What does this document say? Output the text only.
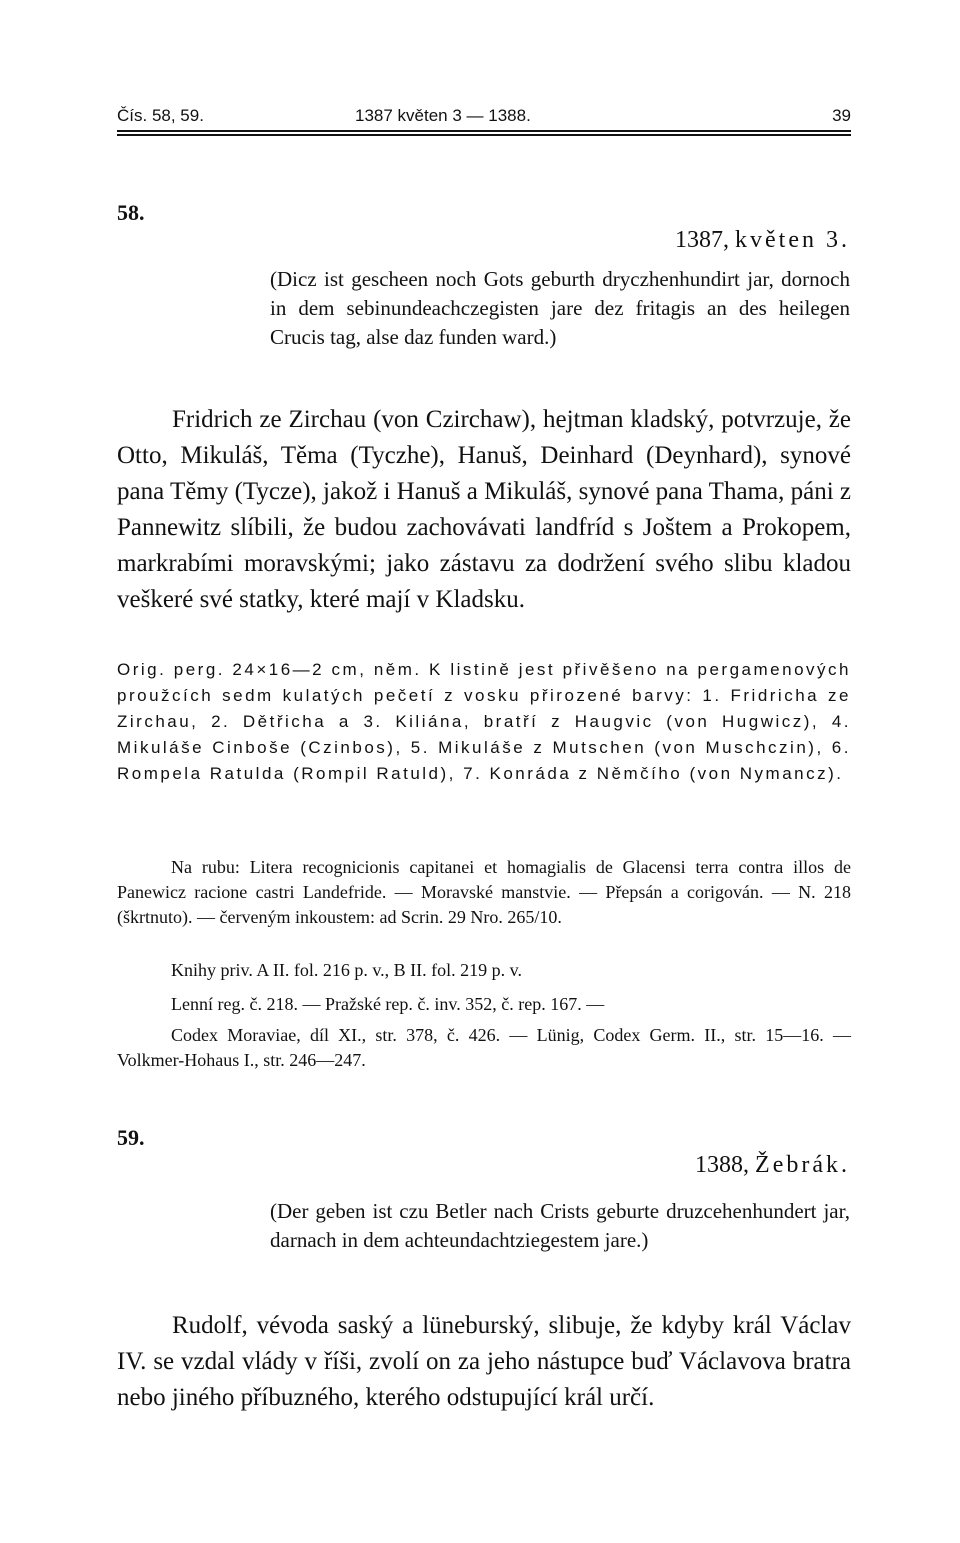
Čís. 58, 59.	1387 květen 3 — 1388.	39
58.
1387, květen 3.

(Dicz ist gescheen noch Gots geburth dryczhenhundirt jar, dornoch in dem sebinundeachczegisten jare dez fritagis an des heilegen Crucis tag, alse daz funden ward.)

Fridrich ze Zirchau (von Czirchaw), hejtman kladský, potvrzuje, že Otto, Mikuláš, Těma (Tyczhe), Hanuš, Deinhard (Deynhard), synové pana Těmy (Tycze), jakož i Hanuš a Mikuláš, synové pana Thama, páni z Pannewitz slíbili, že budou zachovávati landfríd s Joštem a Prokopem, markrabími moravskými; jako zástavu za dodržení svého slibu kladou veškeré své statky, které mají v Kladsku.

Orig. perg. 24×16—2 cm, něm. K listině jest přivěšeno na pergamenových proužcích sedm kulatých pečetí z vosku přirozené barvy: 1. Fridricha ze Zirchau, 2. Dětřicha a 3. Kiliána, bratří z Haugvic (von Hugwicz), 4. Mikuláše Cinboše (Czinbos), 5. Mikuláše z Mutschen (von Muschczin), 6. Rompela Ratulda (Rompil Ratuld), 7. Konráda z Němčího (von Nymancz).

Na rubu: Litera recognicionis capitanei et homagialis de Glacensi terra contra illos de Panewicz racione castri Landefride. — Moravské manstvie. — Přepsán a corigován. — N. 218 (škrtnuto). — červeným inkoustem: ad Scrin. 29 Nro. 265/10.

Knihy priv. A II. fol. 216 p. v., B II. fol. 219 p. v.

Lenní reg. č. 218. — Pražské rep. č. inv. 352, č. rep. 167. —

Codex Moraviae, díl XI., str. 378, č. 426. — Lünig, Codex Germ. II., str. 15—16. — Volkmer-Hohaus I., str. 246—247.

59.
1388, Žebrák.

(Der geben ist czu Betler nach Crists geburte druzcehenhundert jar, darnach in dem achteundachtziegestem jare.)

Rudolf, vévoda saský a lüneburský, slibuje, že kdyby král Václav IV. se vzdal vlády v říši, zvolí on za jeho nástupce buď Václavova bratra nebo jiného příbuzného, kterého odstupující král určí.
